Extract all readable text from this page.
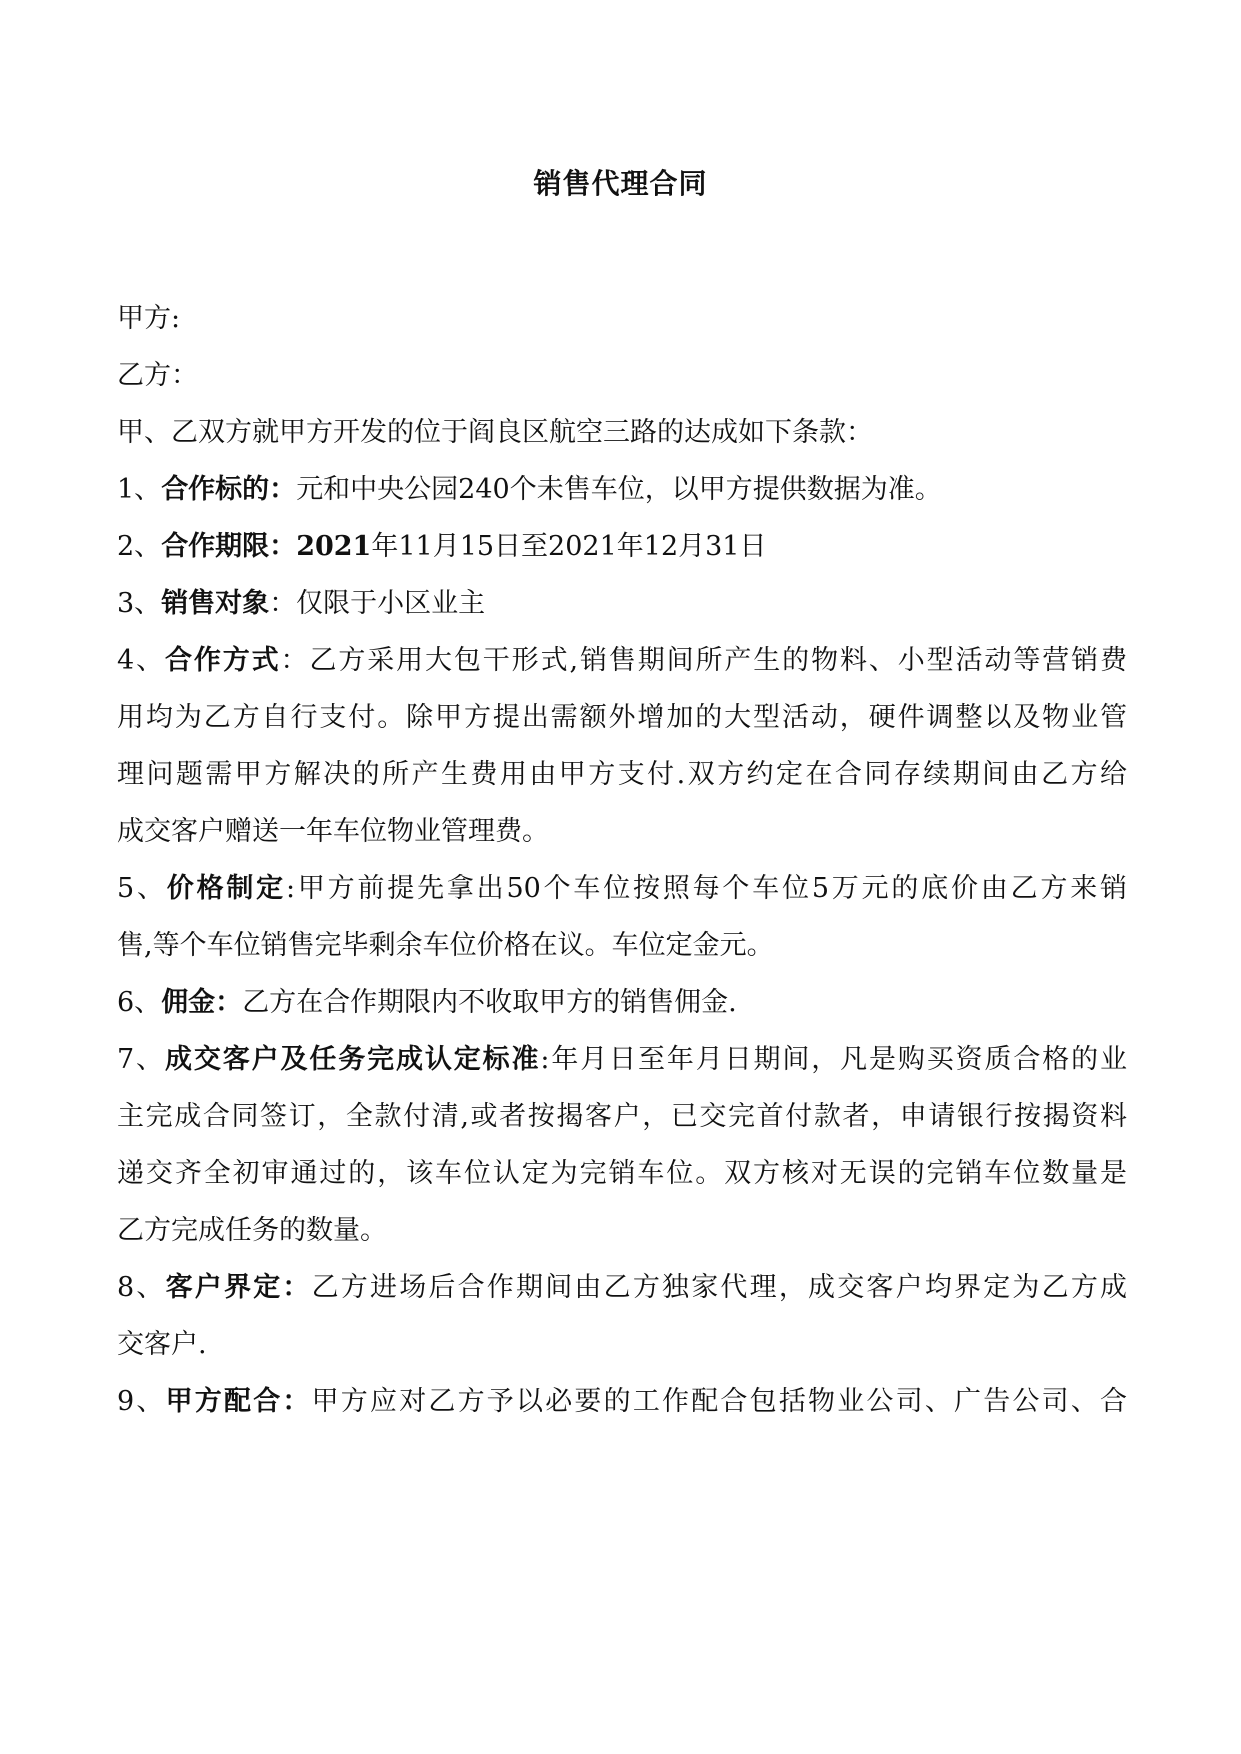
销售代理合同
甲方:
乙方：
甲、乙双方就甲方开发的位于阎良区航空三路的达成如下条款：
1、合作标的：元和中央公园240个未售车位，以甲方提供数据为准。
2、合作期限：2021年11月15日至2021年12月31日
3、销售对象：仅限于小区业主
4、合作方式：乙方采用大包干形式,销售期间所产生的物料、小型活动等营销费
用均为乙方自行支付。除甲方提出需额外增加的大型活动，硬件调整以及物业管
理问题需甲方解决的所产生费用由甲方支付.双方约定在合同存续期间由乙方给
成交客户赠送一年车位物业管理费。
5、价格制定:甲方前提先拿出50个车位按照每个车位5万元的底价由乙方来销
售,等个车位销售完毕剩余车位价格在议。车位定金元。
6、佣金：乙方在合作期限内不收取甲方的销售佣金.
7、成交客户及任务完成认定标准:年月日至年月日期间，凡是购买资质合格的业
主完成合同签订，全款付清,或者按揭客户，已交完首付款者，申请银行按揭资料
递交齐全初审通过的，该车位认定为完销车位。双方核对无误的完销车位数量是
乙方完成任务的数量。
8、客户界定：乙方进场后合作期间由乙方独家代理，成交客户均界定为乙方成
交客户.
9、甲方配合：甲方应对乙方予以必要的工作配合包括物业公司、广告公司、合
